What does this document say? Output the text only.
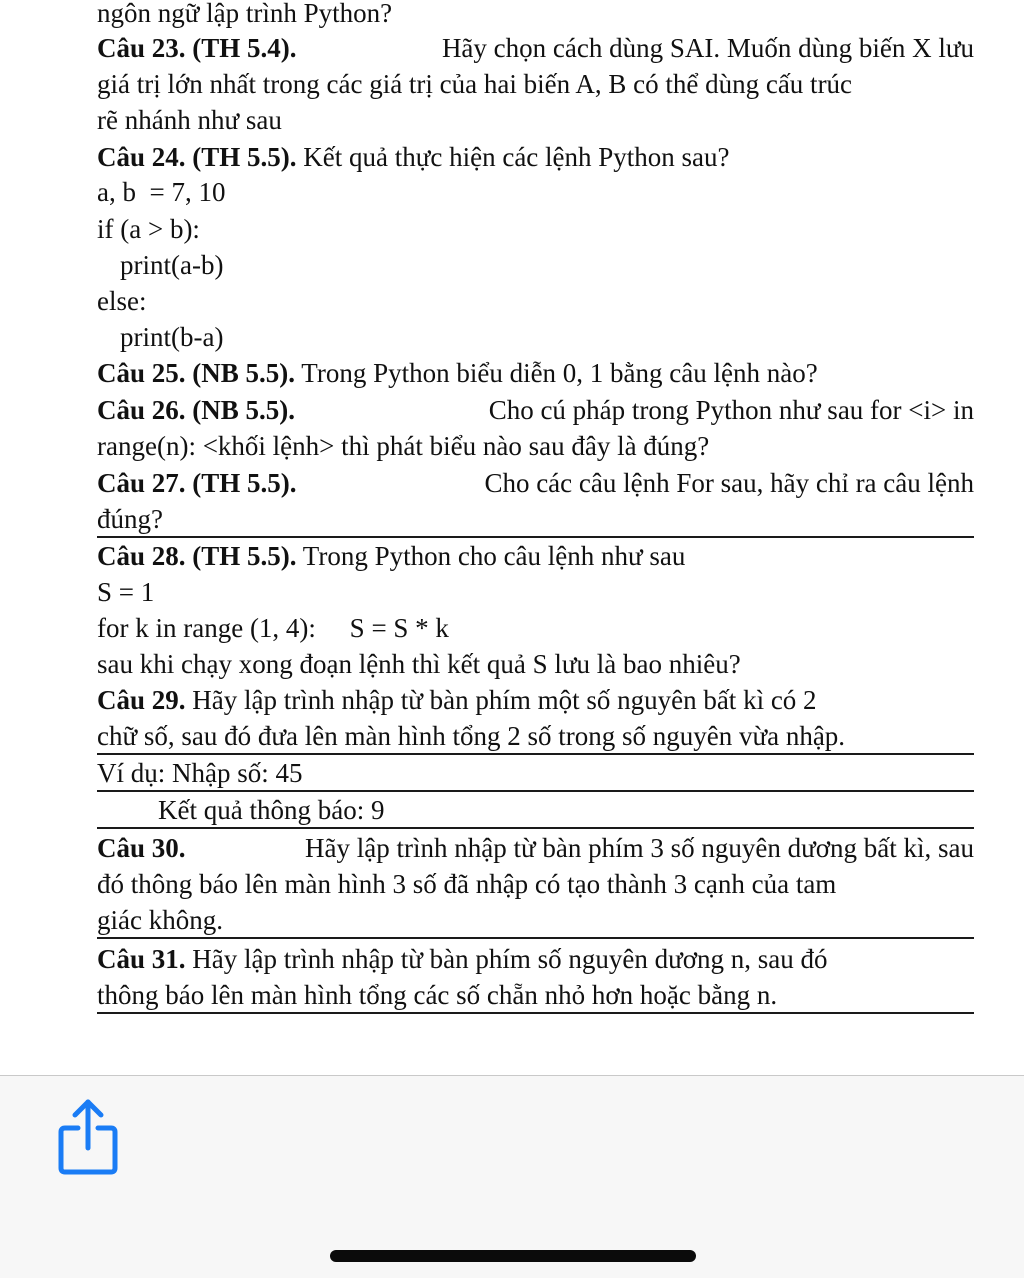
ngôn ngữ lập trình Python?
Câu 23. (TH 5.4).	Hãy chọn cách dùng SAI. Muốn dùng biến X lưu
giá trị lớn nhất trong các giá trị của hai biến A, B có thể dùng cấu trúc
rẽ nhánh như sau
Câu 24. (TH 5.5). Kết quả thực hiện các lệnh Python sau?
a, b  = 7, 10
if (a > b):
print(a-b)
else:
print(b-a)
Câu 25. (NB 5.5). Trong Python biểu diễn 0, 1 bằng câu lệnh nào?
Câu 26. (NB 5.5).	Cho cú pháp trong Python như sau for <i> in
range(n): <khối lệnh> thì phát biểu nào sau đây là đúng?
Câu 27. (TH 5.5).	Cho các câu lệnh For sau, hãy chỉ ra câu lệnh
đúng?
Câu 28. (TH 5.5). Trong Python cho câu lệnh như sau
S = 1
for k in range (1, 4):     S = S * k
sau khi chạy xong đoạn lệnh thì kết quả S lưu là bao nhiêu?
Câu 29. Hãy lập trình nhập từ bàn phím một số nguyên bất kì có 2
chữ số, sau đó đưa lên màn hình tổng 2 số trong số nguyên vừa nhập.
Ví dụ: Nhập số: 45
Kết quả thông báo: 9
Câu 30.	Hãy lập trình nhập từ bàn phím 3 số nguyên dương bất kì, sau
đó thông báo lên màn hình 3 số đã nhập có tạo thành 3 cạnh của tam
giác không.
Câu 31. Hãy lập trình nhập từ bàn phím số nguyên dương n, sau đó
thông báo lên màn hình tổng các số chẵn nhỏ hơn hoặc bằng n.
